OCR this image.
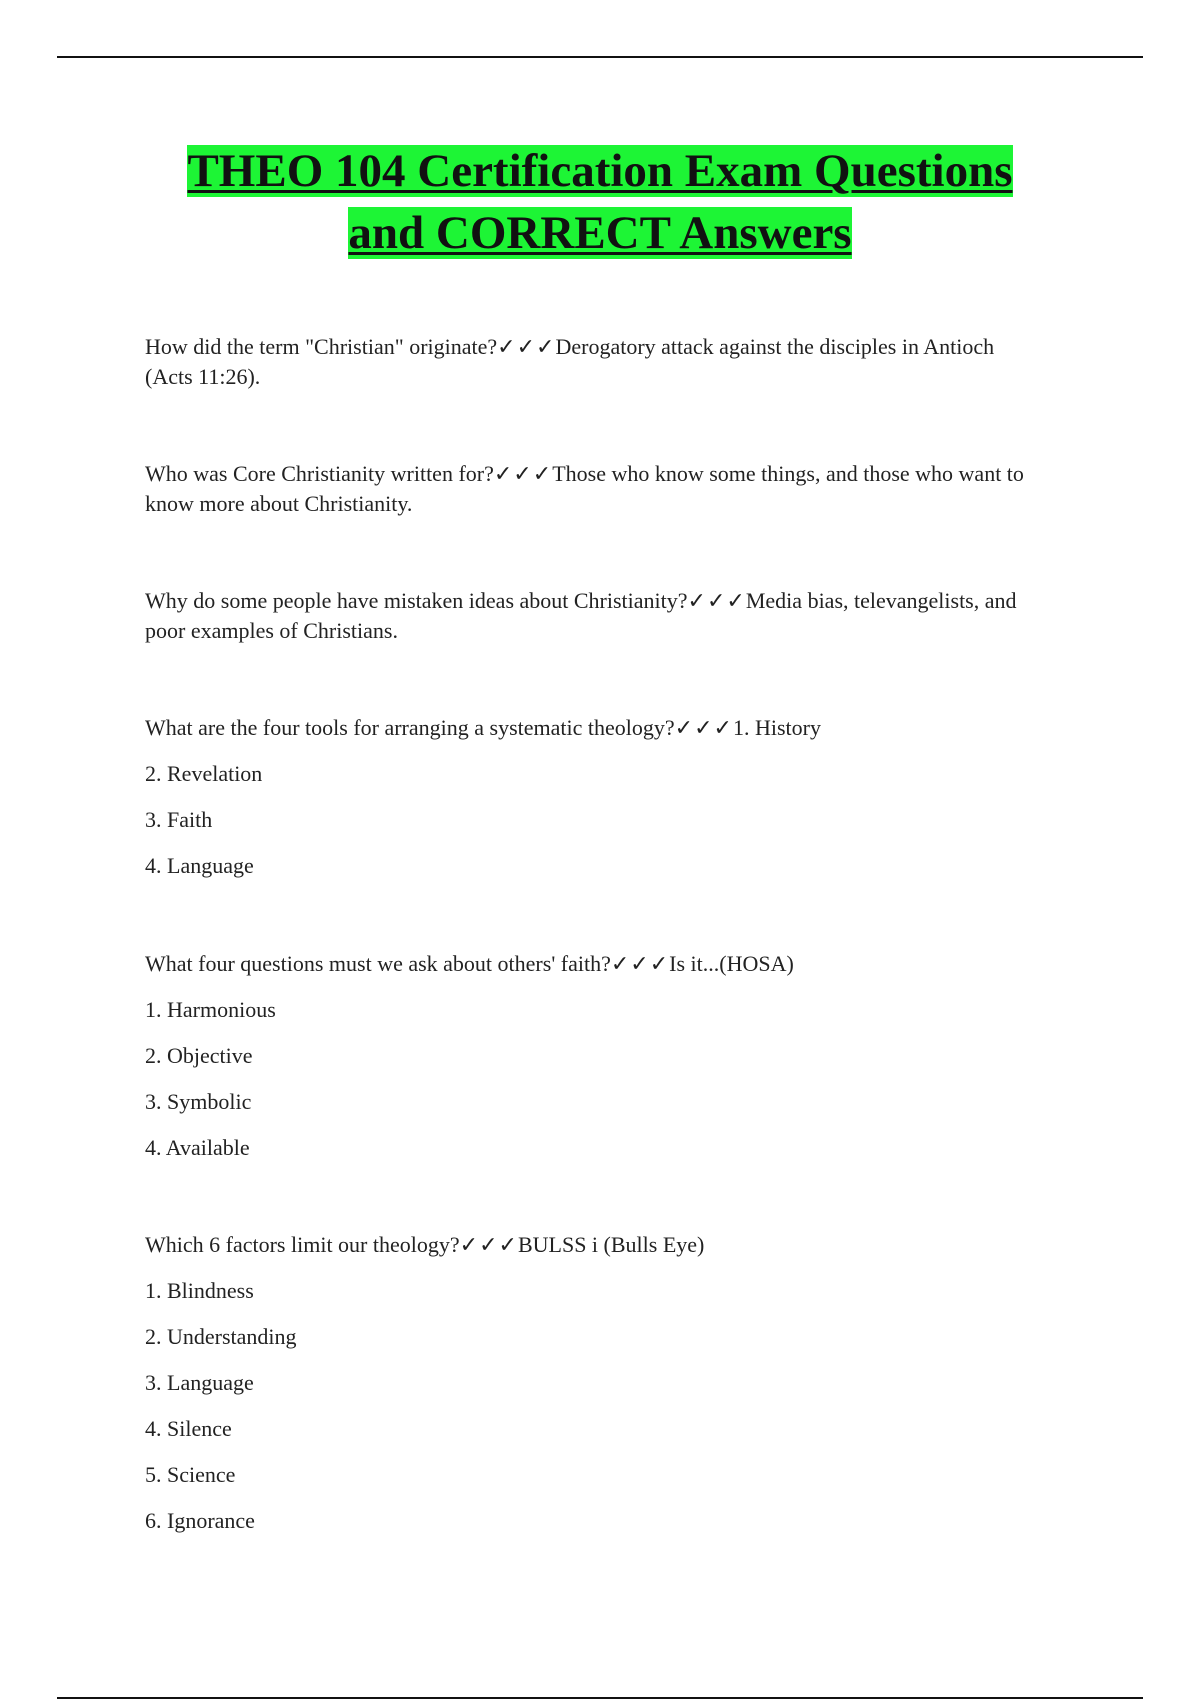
THEO 104 Certification Exam Questions
and CORRECT Answers

How did the term "Christian" originate?✓✓✓Derogatory attack against the disciples in Antioch (Acts 11:26).

Who was Core Christianity written for?✓✓✓Those who know some things, and those who want to know more about Christianity.

Why do some people have mistaken ideas about Christianity?✓✓✓Media bias, televangelists, and poor examples of Christians.

What are the four tools for arranging a systematic theology?✓✓✓1. History

2. Revelation

3. Faith

4. Language

What four questions must we ask about others' faith?✓✓✓Is it...(HOSA)

1. Harmonious

2. Objective

3. Symbolic

4. Available

Which 6 factors limit our theology?✓✓✓BULSS i (Bulls Eye)

1. Blindness

2. Understanding

3. Language

4. Silence

5. Science

6. Ignorance
